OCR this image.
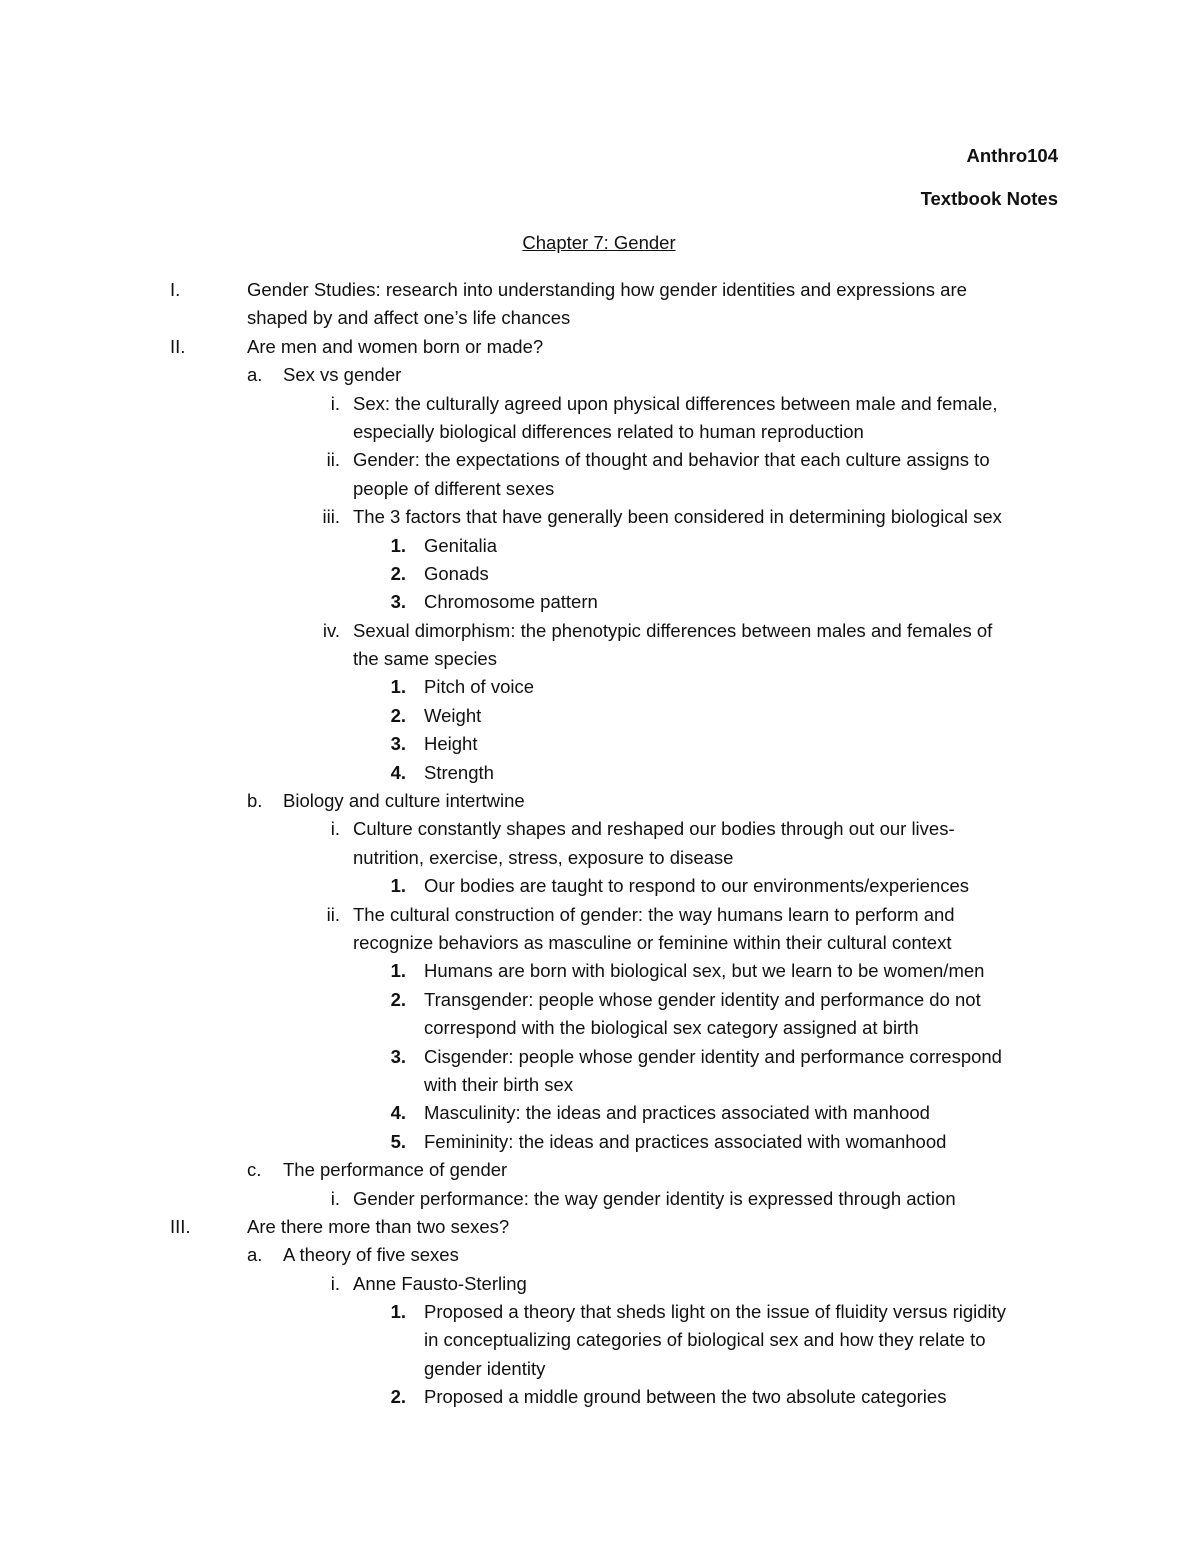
Anthro104
Textbook Notes
Chapter 7: Gender
I.	Gender Studies: research into understanding how gender identities and expressions are
shaped by and affect one’s life chances
II.	Are men and women born or made?
a. Sex vs gender
i. Sex: the culturally agreed upon physical differences between male and female,
especially biological differences related to human reproduction
ii. Gender: the expectations of thought and behavior that each culture assigns to
people of different sexes
iii. The 3 factors that have generally been considered in determining biological sex
1. Genitalia
2. Gonads
3. Chromosome pattern
iv. Sexual dimorphism: the phenotypic differences between males and females of
the same species
1. Pitch of voice
2. Weight
3. Height
4. Strength
b. Biology and culture intertwine
i. Culture constantly shapes and reshaped our bodies through out our lives-
nutrition, exercise, stress, exposure to disease
1. Our bodies are taught to respond to our environments/experiences
ii. The cultural construction of gender: the way humans learn to perform and
recognize behaviors as masculine or feminine within their cultural context
1. Humans are born with biological sex, but we learn to be women/men
2. Transgender: people whose gender identity and performance do not
correspond with the biological sex category assigned at birth
3. Cisgender: people whose gender identity and performance correspond
with their birth sex
4. Masculinity: the ideas and practices associated with manhood
5. Femininity: the ideas and practices associated with womanhood
c. The performance of gender
i. Gender performance: the way gender identity is expressed through action
III.	Are there more than two sexes?
a. A theory of five sexes
i. Anne Fausto-Sterling
1. Proposed a theory that sheds light on the issue of fluidity versus rigidity
in conceptualizing categories of biological sex and how they relate to
gender identity
2. Proposed a middle ground between the two absolute categories
